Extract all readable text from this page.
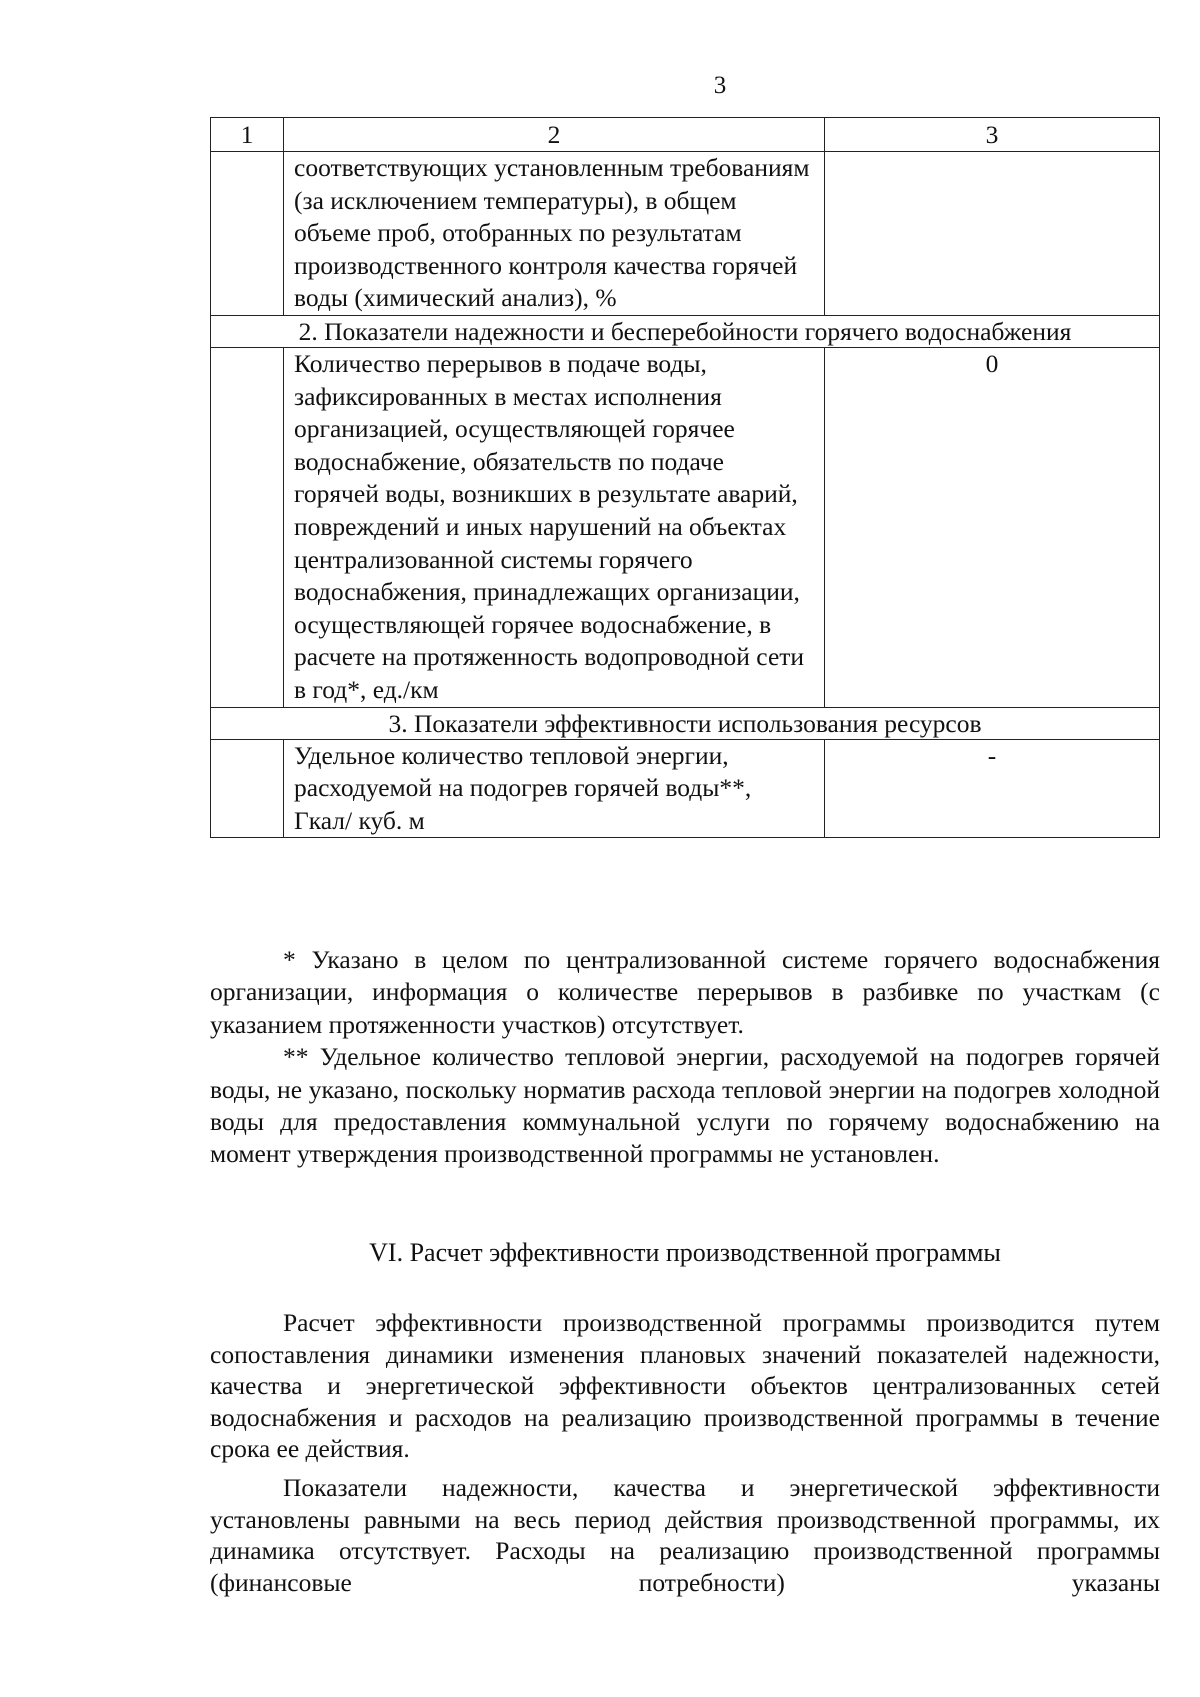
3
1	2	3
	соответствующих установленным требованиям (за исключением температуры), в общем объеме проб, отобранных по результатам производственного контроля качества горячей воды (химический анализ), %	
2. Показатели надежности и бесперебойности горячего водоснабжения		
	Количество перерывов в подаче воды, зафиксированных в местах исполнения организацией, осуществляющей горячее водоснабжение, обязательств по подаче горячей воды, возникших в результате аварий, повреждений и иных нарушений на объектах централизованной системы горячего водоснабжения, принадлежащих организации, осуществляющей горячее водоснабжение, в расчете на протяженность водопроводной сети в год*, ед./км	0
3. Показатели эффективности использования ресурсов		
	Удельное количество тепловой энергии, расходуемой на подогрев горячей воды**, Гкал/ куб. м	-

* Указано в целом по централизованной системе горячего водоснабжения организации, информация о количестве перерывов в разбивке по участкам (с указанием протяженности участков) отсутствует.

** Удельное количество тепловой энергии, расходуемой на подогрев горячей воды, не указано, поскольку норматив расхода тепловой энергии на подогрев холодной воды для предоставления коммунальной услуги по горячему водоснабжению на момент утверждения производственной программы не установлен.

VI. Расчет эффективности производственной программы

Расчет эффективности производственной программы производится путем сопоставления динамики изменения плановых значений показателей надежности, качества и энергетической эффективности объектов централизованных сетей водоснабжения и расходов на реализацию производственной программы в течение срока ее действия.

Показатели надежности, качества и энергетической эффективности установлены равными на весь период действия производственной программы, их динамика отсутствует. Расходы на реализацию производственной программы (финансовые потребности) указаны
